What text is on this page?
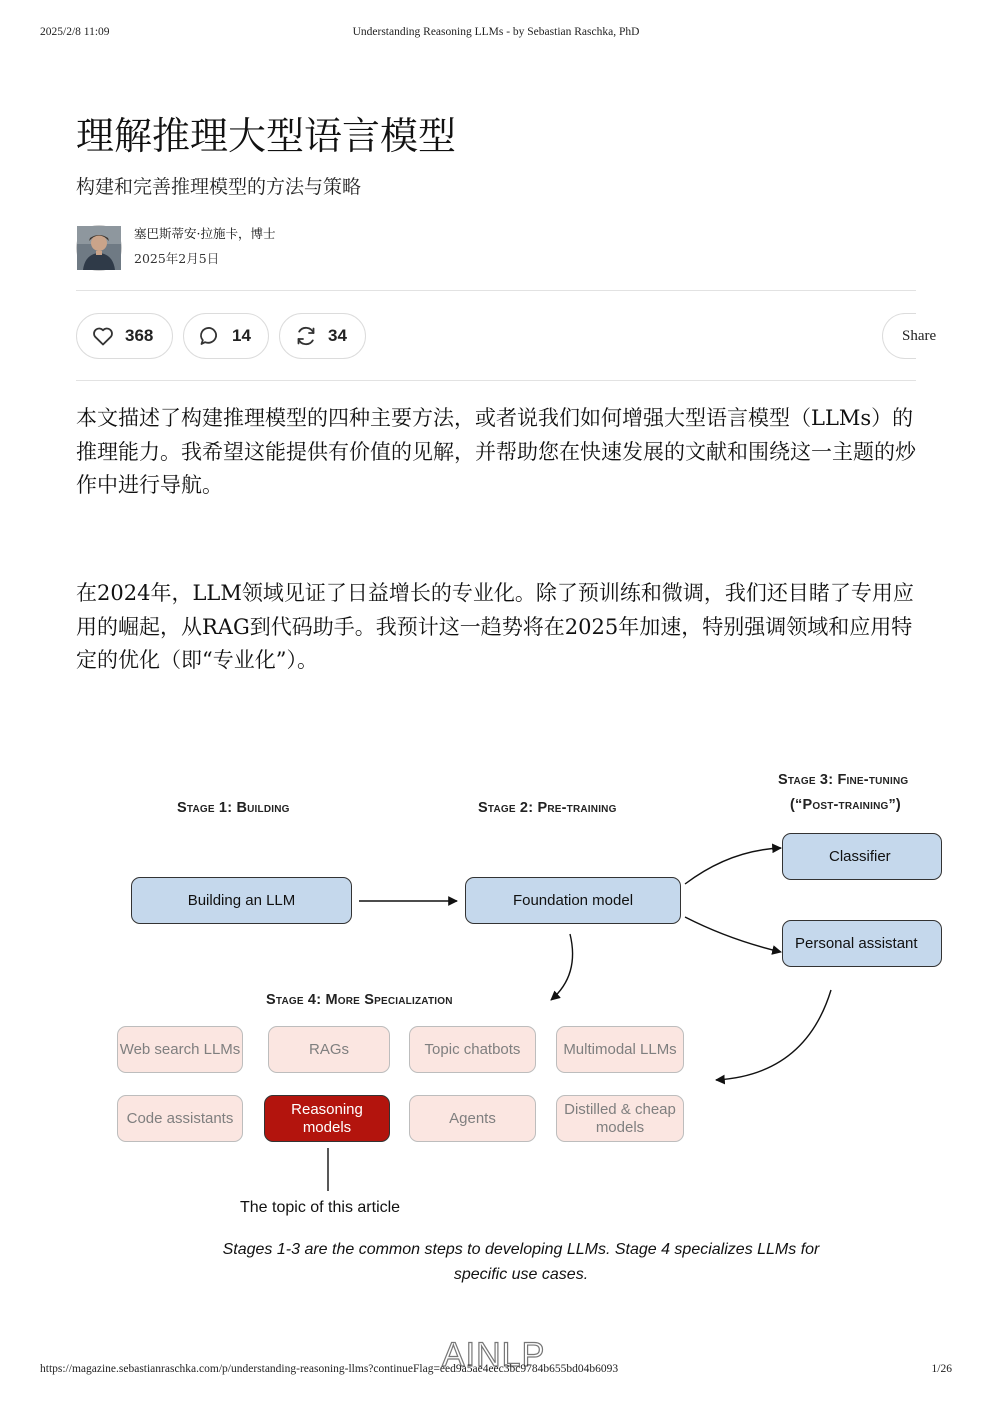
2025/2/8 11:09	Understanding Reasoning LLMs - by Sebastian Raschka, PhD
理解推理大型语言模型

构建和完善推理模型的方法与策略

塞巴斯蒂安·拉施卡，博士
2025年2月5日
368	14	34	Share

本文描述了构建推理模型的四种主要方法，或者说我们如何增强大型语言模型（LLMs）的推理能力。我希望这能提供有价值的见解，并帮助您在快速发展的文献和围绕这一主题的炒作中进行导航。

在2024年，LLM领域见证了日益增长的专业化。除了预训练和微调，我们还目睹了专用应用的崛起，从RAG到代码助手。我预计这一趋势将在2025年加速，特别强调领域和应用特定的优化（即“专业化”）。

Stage 1: Building	Stage 2: Pre-training
Stage 3: Fine-tuning
(“Post-training”)
Stage 4: More Specialization
Building an LLM	Foundation model
Classifier
Personal assistant
Web search LLMs	RAGs	Topic chatbots	Multimodal LLMs
Code assistants
Reasoning models
Agents
Distilled & cheap models
The topic of this article

Stages 1-3 are the common steps to developing LLMs. Stage 4 specializes LLMs for specific use cases.

AINLP
https://magazine.sebastianraschka.com/p/understanding-reasoning-llms?continueFlag=eed9a5ae4eec3bc9784b655bd04b6093	1/26
